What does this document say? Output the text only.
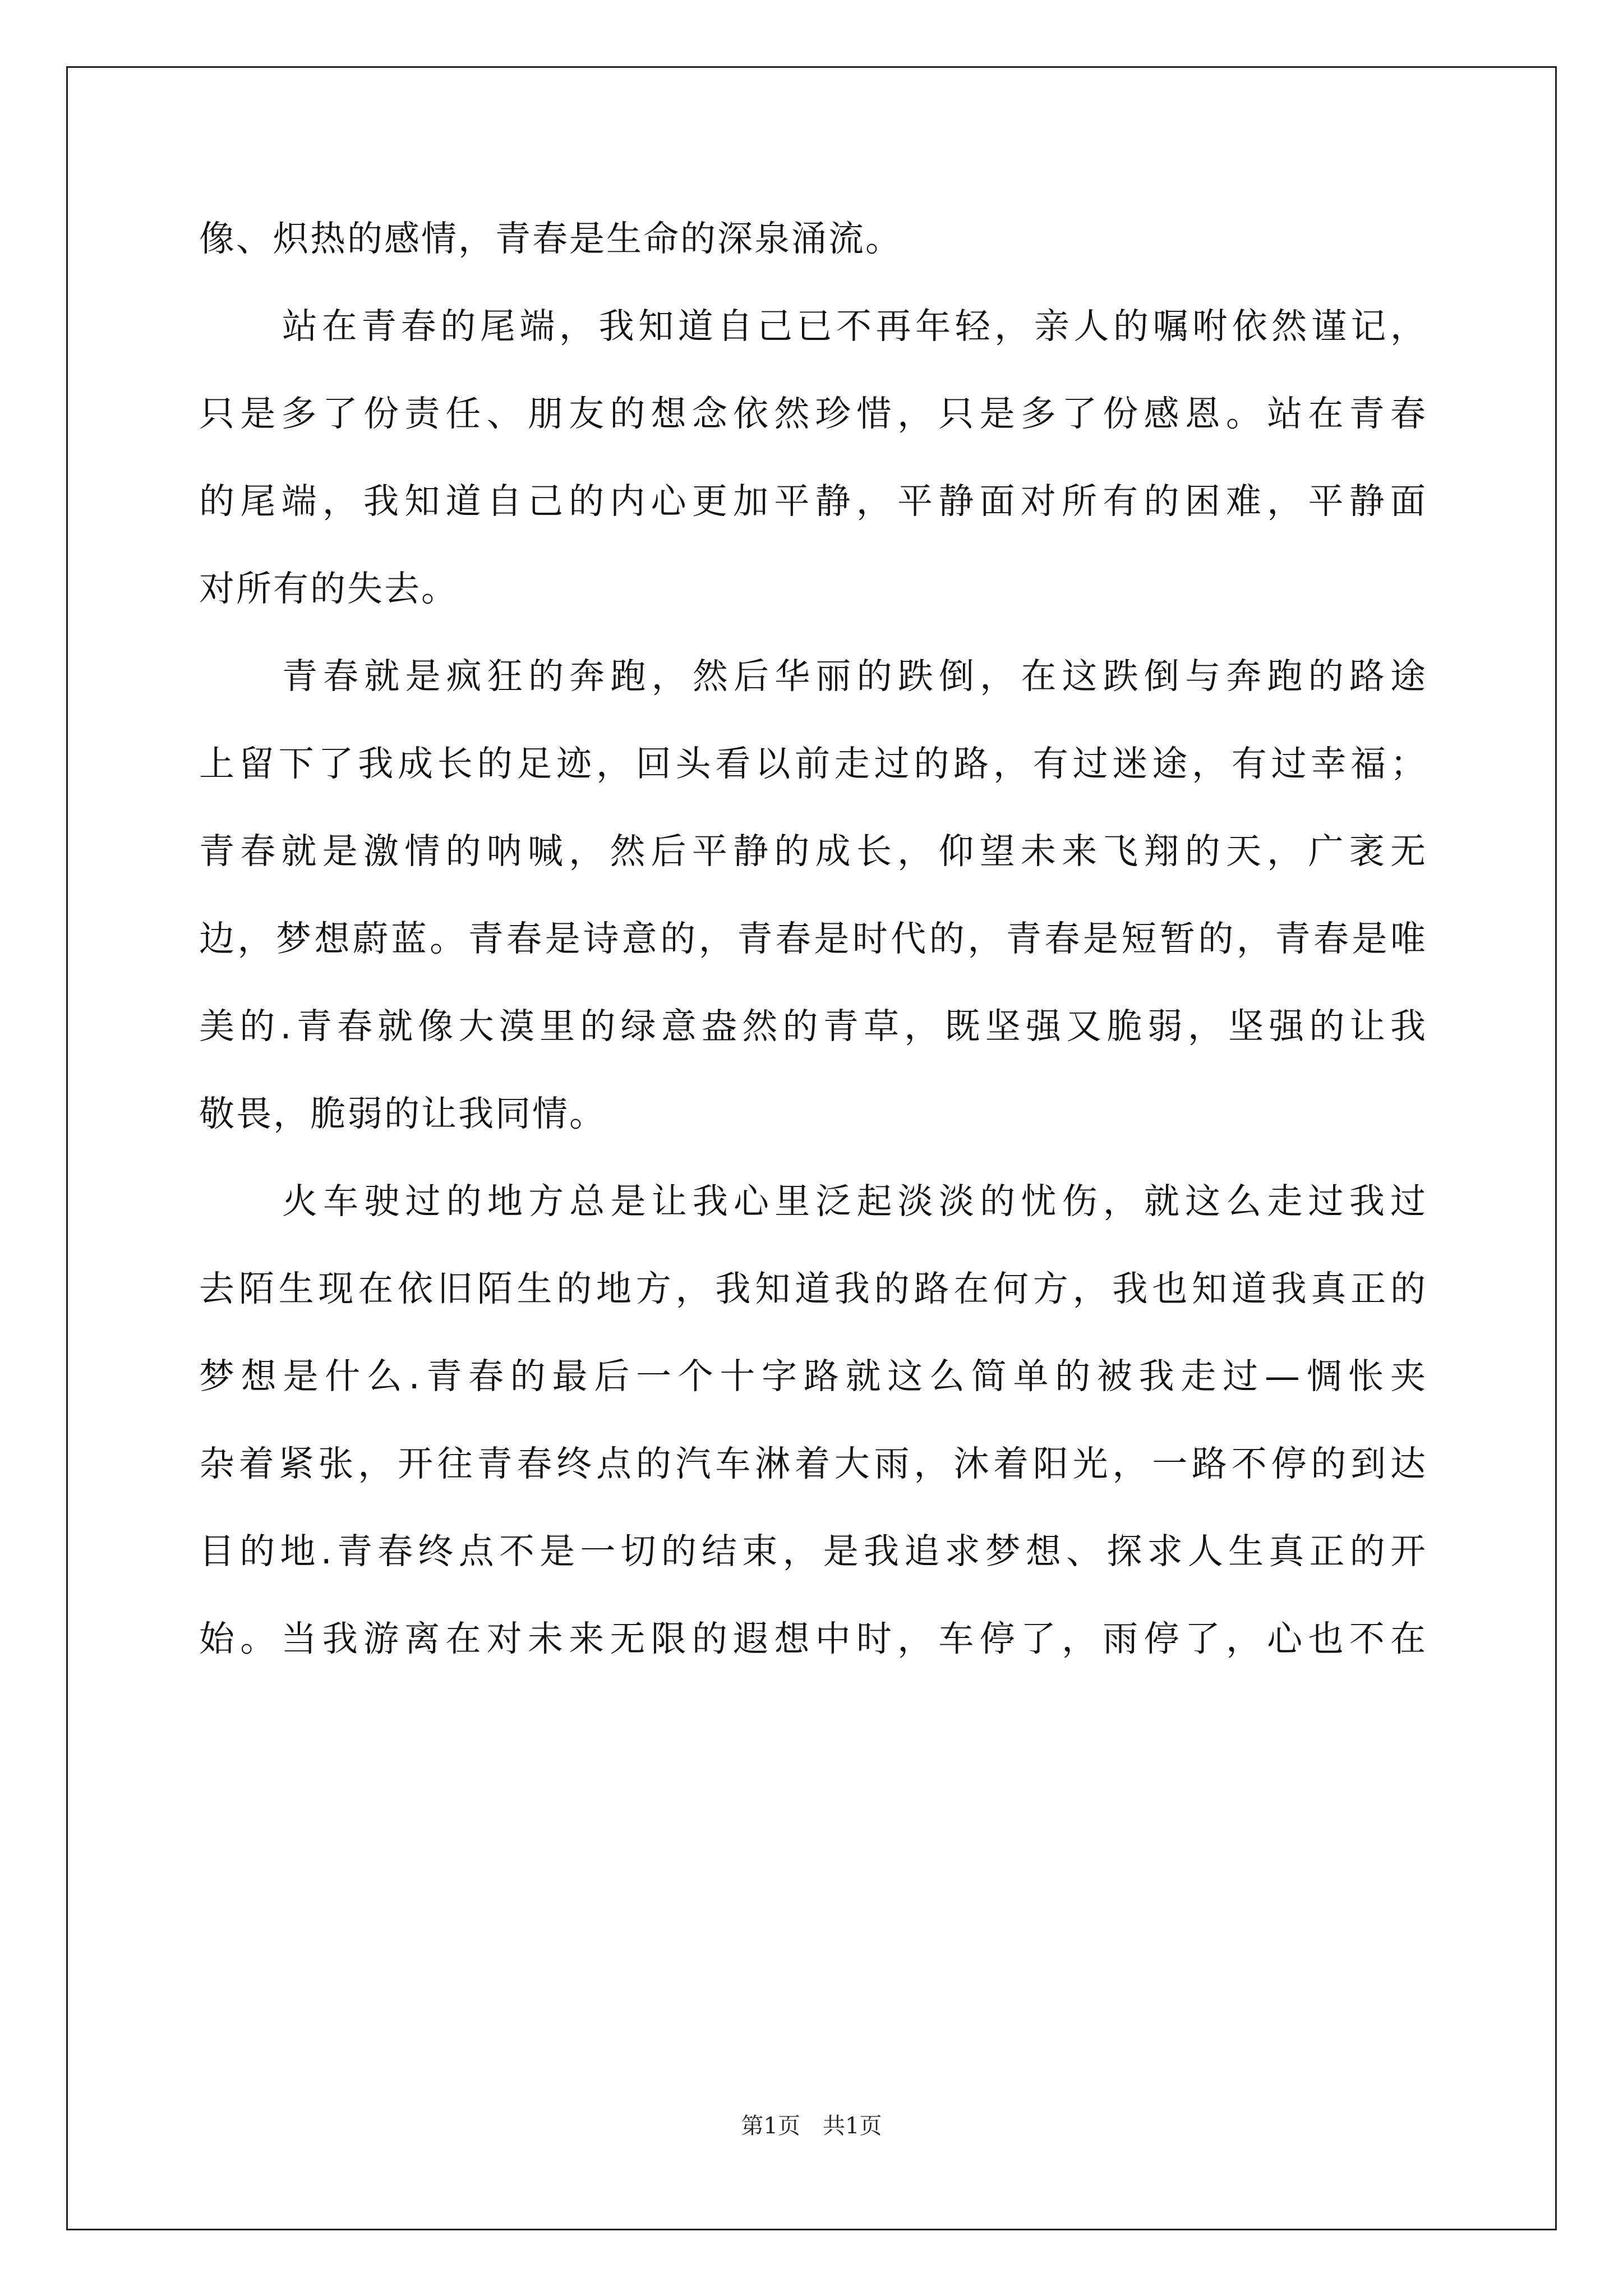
像、炽热的感情，青春是生命的深泉涌流。
站在青春的尾端，我知道自己已不再年轻，亲人的嘱咐依然谨记，
只是多了份责任、朋友的想念依然珍惜，只是多了份感恩。站在青春
的尾端，我知道自己的内心更加平静，平静面对所有的困难，平静面
对所有的失去。
青春就是疯狂的奔跑，然后华丽的跌倒，在这跌倒与奔跑的路途
上留下了我成长的足迹，回头看以前走过的路，有过迷途，有过幸福；
青春就是激情的呐喊，然后平静的成长，仰望未来飞翔的天，广袤无
边，梦想蔚蓝。青春是诗意的，青春是时代的，青春是短暂的，青春是唯
美的.青春就像大漠里的绿意盎然的青草，既坚强又脆弱，坚强的让我
敬畏，脆弱的让我同情。
火车驶过的地方总是让我心里泛起淡淡的忧伤，就这么走过我过
去陌生现在依旧陌生的地方，我知道我的路在何方，我也知道我真正的
梦想是什么.青春的最后一个十字路就这么简单的被我走过—惆怅夹
杂着紧张，开往青春终点的汽车淋着大雨，沐着阳光，一路不停的到达
目的地.青春终点不是一切的结束，是我追求梦想、探求人生真正的开
始。当我游离在对未来无限的遐想中时，车停了，雨停了，心也不在
第1页 共1页
